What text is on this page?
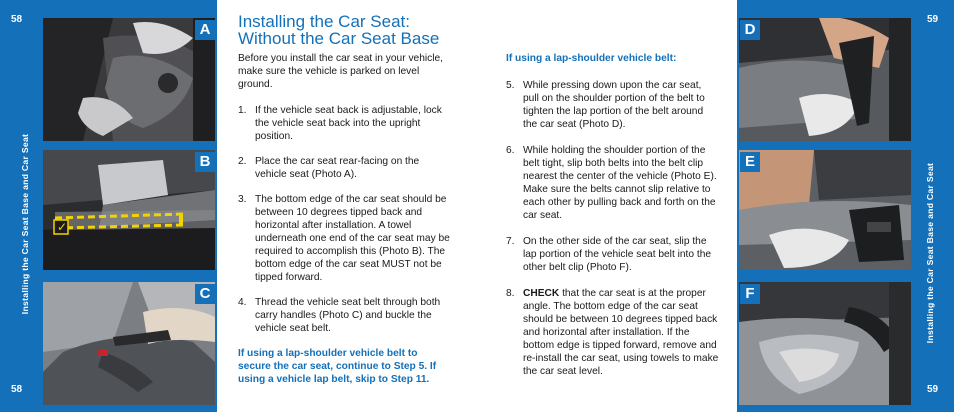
58
58
Installing the Car Seat Base and Car Seat
59
59
Installing the Car Seat Base and Car Seat
A
✓
B
C
D
E
F
Installing the Car Seat:
Without the Car Seat Base

Before you install the car seat in your vehicle, make sure the vehicle is parked on level ground.

1. If the vehicle seat back is adjustable, lock the vehicle seat back into the upright position.
2. Place the car seat rear-facing on the vehicle seat (Photo A).
3. The bottom edge of the car seat should be between 10 degrees tipped back and horizontal after installation. A towel underneath one end of the car seat may be required to accomplish this (Photo B). The bottom edge of the car seat MUST not be tipped forward.
4. Thread the vehicle seat belt through both carry handles (Photo C) and buckle the vehicle seat belt.

If using a lap-shoulder vehicle belt to secure the car seat, continue to Step 5. If using a vehicle lap belt, skip to Step 11.

If using a lap-shoulder vehicle belt:

5. While pressing down upon the car seat, pull on the shoulder portion of the belt to tighten the lap portion of the belt around the car seat (Photo D).
6. While holding the shoulder portion of the belt tight, slip both belts into the belt clip nearest the center of the vehicle (Photo E). Make sure the belts cannot slip relative to each other by pulling back and forth on the car seat.
7. On the other side of the car seat, slip the lap portion of the vehicle seat belt into the other belt clip (Photo F).
8. CHECK that the car seat is at the proper angle. The bottom edge of the car seat should be between 10 degrees tipped back and horizontal after installation. If the bottom edge is tipped forward, remove and re-install the car seat, using towels to make the car seat level.
